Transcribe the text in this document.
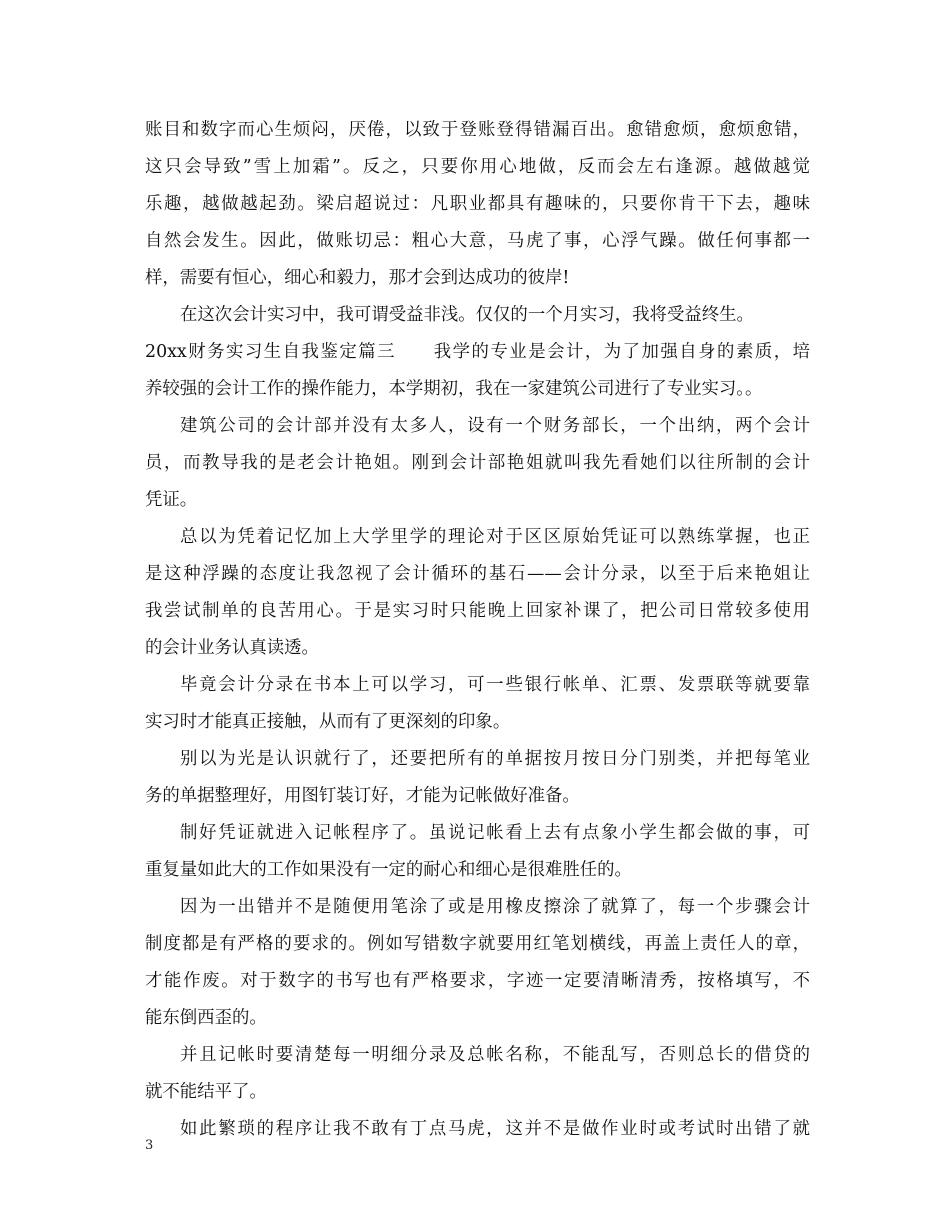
账目和数字而心生烦闷，厌倦，以致于登账登得错漏百出。愈错愈烦，愈烦愈错，
这只会导致”雪上加霜”。反之，只要你用心地做，反而会左右逢源。越做越觉
乐趣，越做越起劲。梁启超说过：凡职业都具有趣味的，只要你肯干下去，趣味
自然会发生。因此，做账切忌：粗心大意，马虎了事，心浮气躁。做任何事都一
样，需要有恒心，细心和毅力，那才会到达成功的彼岸!
在这次会计实习中，我可谓受益非浅。仅仅的一个月实习，我将受益终生。
20xx财务实习生自我鉴定篇三　　我学的专业是会计，为了加强自身的素质，培
养较强的会计工作的操作能力，本学期初，我在一家建筑公司进行了专业实习。。
建筑公司的会计部并没有太多人，设有一个财务部长，一个出纳，两个会计
员，而教导我的是老会计艳姐。刚到会计部艳姐就叫我先看她们以往所制的会计
凭证。
总以为凭着记忆加上大学里学的理论对于区区原始凭证可以熟练掌握，也正
是这种浮躁的态度让我忽视了会计循环的基石——会计分录，以至于后来艳姐让
我尝试制单的良苦用心。于是实习时只能晚上回家补课了，把公司日常较多使用
的会计业务认真读透。
毕竟会计分录在书本上可以学习，可一些银行帐单、汇票、发票联等就要靠
实习时才能真正接触，从而有了更深刻的印象。
别以为光是认识就行了，还要把所有的单据按月按日分门别类，并把每笔业
务的单据整理好，用图钉装订好，才能为记帐做好准备。
制好凭证就进入记帐程序了。虽说记帐看上去有点象小学生都会做的事，可
重复量如此大的工作如果没有一定的耐心和细心是很难胜任的。
因为一出错并不是随便用笔涂了或是用橡皮擦涂了就算了，每一个步骤会计
制度都是有严格的要求的。例如写错数字就要用红笔划横线，再盖上责任人的章，
才能作废。对于数字的书写也有严格要求，字迹一定要清晰清秀，按格填写，不
能东倒西歪的。
并且记帐时要清楚每一明细分录及总帐名称，不能乱写，否则总长的借贷的
就不能结平了。
如此繁琐的程序让我不敢有丁点马虎，这并不是做作业时或考试时出错了就
3
